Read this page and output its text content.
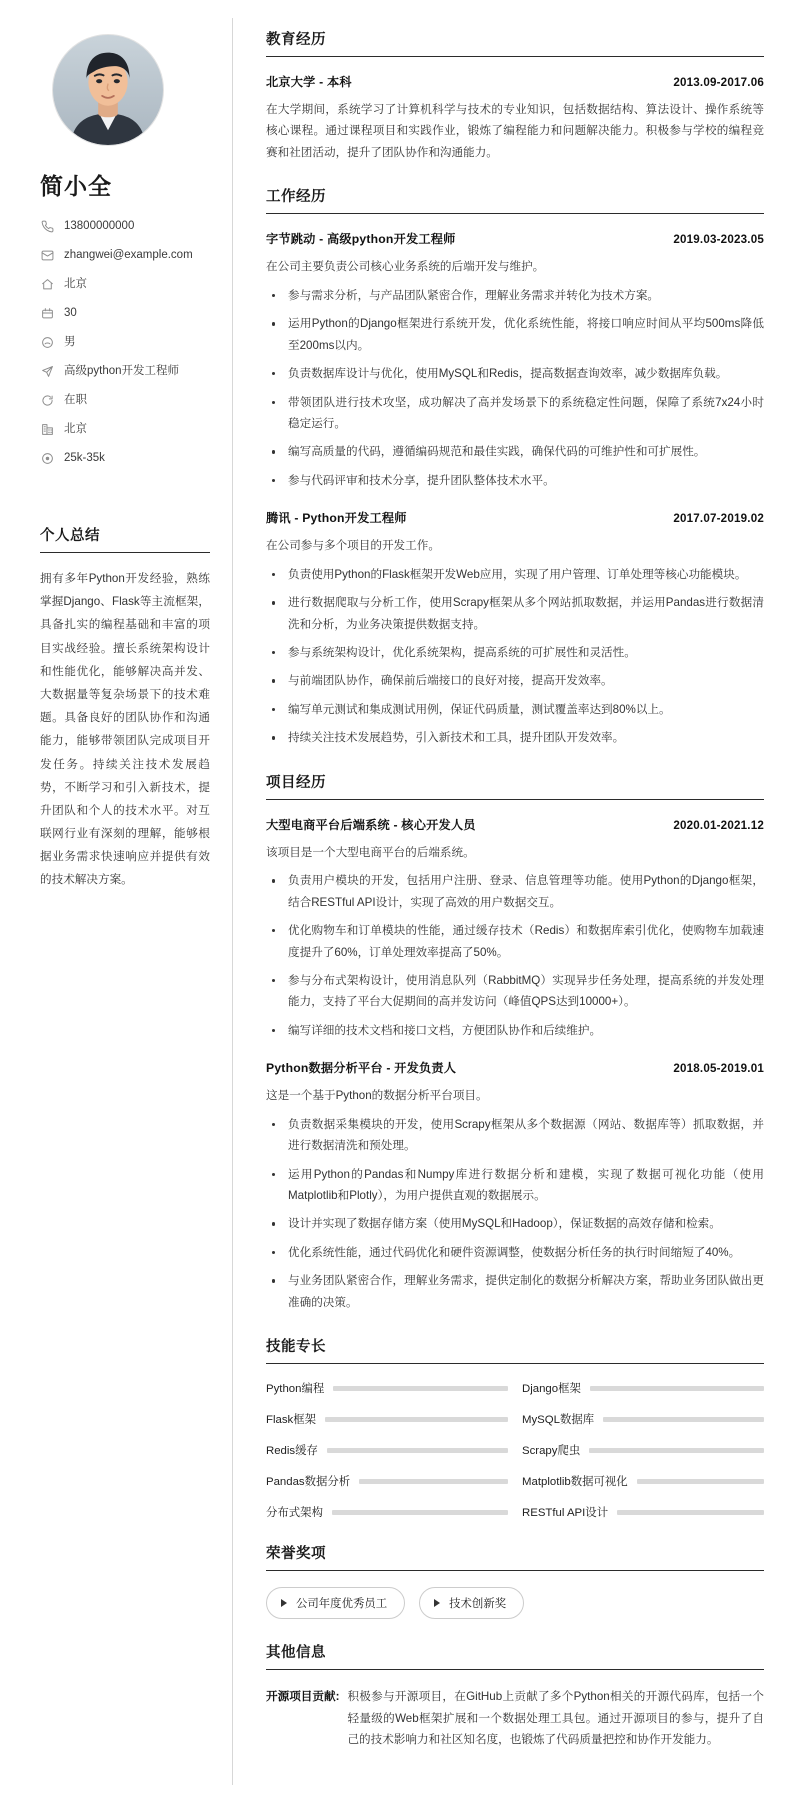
简小全
13800000000
zhangwei@example.com
北京
30
男
高级python开发工程师
在职
北京
25k-35k
个人总结
拥有多年Python开发经验，熟练掌握Django、Flask等主流框架，具备扎实的编程基础和丰富的项目实战经验。擅长系统架构设计和性能优化，能够解决高并发、大数据量等复杂场景下的技术难题。具备良好的团队协作和沟通能力，能够带领团队完成项目开发任务。持续关注技术发展趋势，不断学习和引入新技术，提升团队和个人的技术水平。对互联网行业有深刻的理解，能够根据业务需求快速响应并提供有效的技术解决方案。
教育经历
北京大学 - 本科	2013.09-2017.06

在大学期间，系统学习了计算机科学与技术的专业知识，包括数据结构、算法设计、操作系统等核心课程。通过课程项目和实践作业，锻炼了编程能力和问题解决能力。积极参与学校的编程竞赛和社团活动，提升了团队协作和沟通能力。

工作经历
字节跳动 - 高级python开发工程师	2019.03-2023.05

在公司主要负责公司核心业务系统的后端开发与维护。

参与需求分析，与产品团队紧密合作，理解业务需求并转化为技术方案。
运用Python的Django框架进行系统开发，优化系统性能，将接口响应时间从平均500ms降低至200ms以内。
负责数据库设计与优化，使用MySQL和Redis，提高数据查询效率，减少数据库负载。
带领团队进行技术攻坚，成功解决了高并发场景下的系统稳定性问题，保障了系统7x24小时稳定运行。
编写高质量的代码，遵循编码规范和最佳实践，确保代码的可维护性和可扩展性。
参与代码评审和技术分享，提升团队整体技术水平。
腾讯 - Python开发工程师	2017.07-2019.02

在公司参与多个项目的开发工作。

负责使用Python的Flask框架开发Web应用，实现了用户管理、订单处理等核心功能模块。
进行数据爬取与分析工作，使用Scrapy框架从多个网站抓取数据，并运用Pandas进行数据清洗和分析，为业务决策提供数据支持。
参与系统架构设计，优化系统架构，提高系统的可扩展性和灵活性。
与前端团队协作，确保前后端接口的良好对接，提高开发效率。
编写单元测试和集成测试用例，保证代码质量，测试覆盖率达到80%以上。
持续关注技术发展趋势，引入新技术和工具，提升团队开发效率。
项目经历
大型电商平台后端系统 - 核心开发人员	2020.01-2021.12

该项目是一个大型电商平台的后端系统。

负责用户模块的开发，包括用户注册、登录、信息管理等功能。使用Python的Django框架，结合RESTful API设计，实现了高效的用户数据交互。
优化购物车和订单模块的性能，通过缓存技术（Redis）和数据库索引优化，使购物车加载速度提升了60%，订单处理效率提高了50%。
参与分布式架构设计，使用消息队列（RabbitMQ）实现异步任务处理，提高系统的并发处理能力，支持了平台大促期间的高并发访问（峰值QPS达到10000+）。
编写详细的技术文档和接口文档，方便团队协作和后续维护。
Python数据分析平台 - 开发负责人	2018.05-2019.01

这是一个基于Python的数据分析平台项目。

负责数据采集模块的开发，使用Scrapy框架从多个数据源（网站、数据库等）抓取数据，并进行数据清洗和预处理。
运用Python的Pandas和Numpy库进行数据分析和建模，实现了数据可视化功能（使用Matplotlib和Plotly），为用户提供直观的数据展示。
设计并实现了数据存储方案（使用MySQL和Hadoop），保证数据的高效存储和检索。
优化系统性能，通过代码优化和硬件资源调整，使数据分析任务的执行时间缩短了40%。
与业务团队紧密合作，理解业务需求，提供定制化的数据分析解决方案，帮助业务团队做出更准确的决策。
技能专长
Python编程	Django框架
Flask框架	MySQL数据库
Redis缓存	Scrapy爬虫
Pandas数据分析	Matplotlib数据可视化
分布式架构	RESTful API设计
荣誉奖项
公司年度优秀员工	技术创新奖
其他信息
开源项目贡献: 积极参与开源项目，在GitHub上贡献了多个Python相关的开源代码库，包括一个轻量级的Web框架扩展和一个数据处理工具包。通过开源项目的参与，提升了自己的技术影响力和社区知名度，也锻炼了代码质量把控和协作开发能力。
